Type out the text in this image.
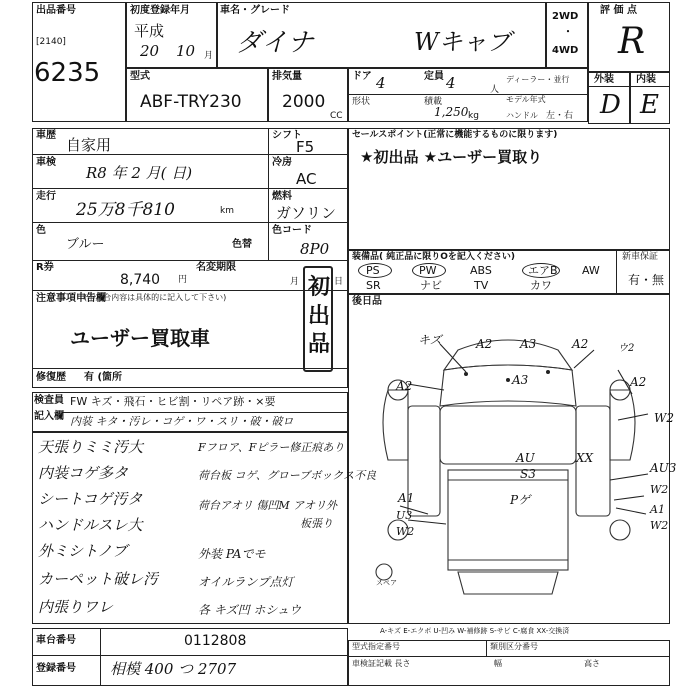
出品番号
[2140]
6235
初度登録年月
平成
20 10 月
車名・グレード
ダイナ	Wキャブ
2WD
・
4WD
評 価 点
R
型式
ABF-TRY230
排気量
2000
CC
ドア 4	定員 4	人
ディーラー・並行
形状	積載
1,250 kg
モデル年式
ハンドル 左・右
外装 内装
D E
車歴
自家用
シフト
F5
車検
R8 年 2 月( 日)
冷房
AC
走行
25万8千810	km
燃料
ガソリン
色
ブルー	色替
色コード
8P0
R券
8,740 円
名変期限
月	日
初出品
注意事項申告欄
(不具合内容は具体的に記入して下さい)
ユーザー買取車
修復歴 有 (箇所
セールスポイント(正常に機能するものに限ります)
★初出品 ★ユーザー買取り
装備品( 純正品に限りOを記入ください)	新車保証
有・無
PS	PW	ABS	エアB AW
SR	ナビ	TV	カワ
後日品
検査員
記入欄
FW キズ・飛石・ヒビ割・リペア跡・×要
内装 キタ・汚レ・コゲ・ワ・スリ・破・破ロ
天張りミミ汚大
内装コゲ多タ
シートコゲ汚タ
ハンドルスレ大
外ミシトノブ
カーペット破レ汚
内張りワレ
Fフロア、Fピラー修正痕あり
荷台板 コゲ、グローブボックス不良
荷台アオリ 傷凹M アオリ外
板張り
外装 PAでモ
オイルランプ点灯
各 キズ凹 ホシュウ
キズ	A2 A3	A2	ウ2
A2	A3	A2
W2
AU	XX
S3	AU3
W2
A1
U3
W2
Pゲ
A1
W2
スペア
A-キズ E-エクボ U-凹み W-補修跡 S-サビ C-腐食 XX-交換済
車台番号	0112808
登録番号 相模 400 つ 2707
型式指定番号	類別区分番号
車検証記載 長さ	幅	高さ
